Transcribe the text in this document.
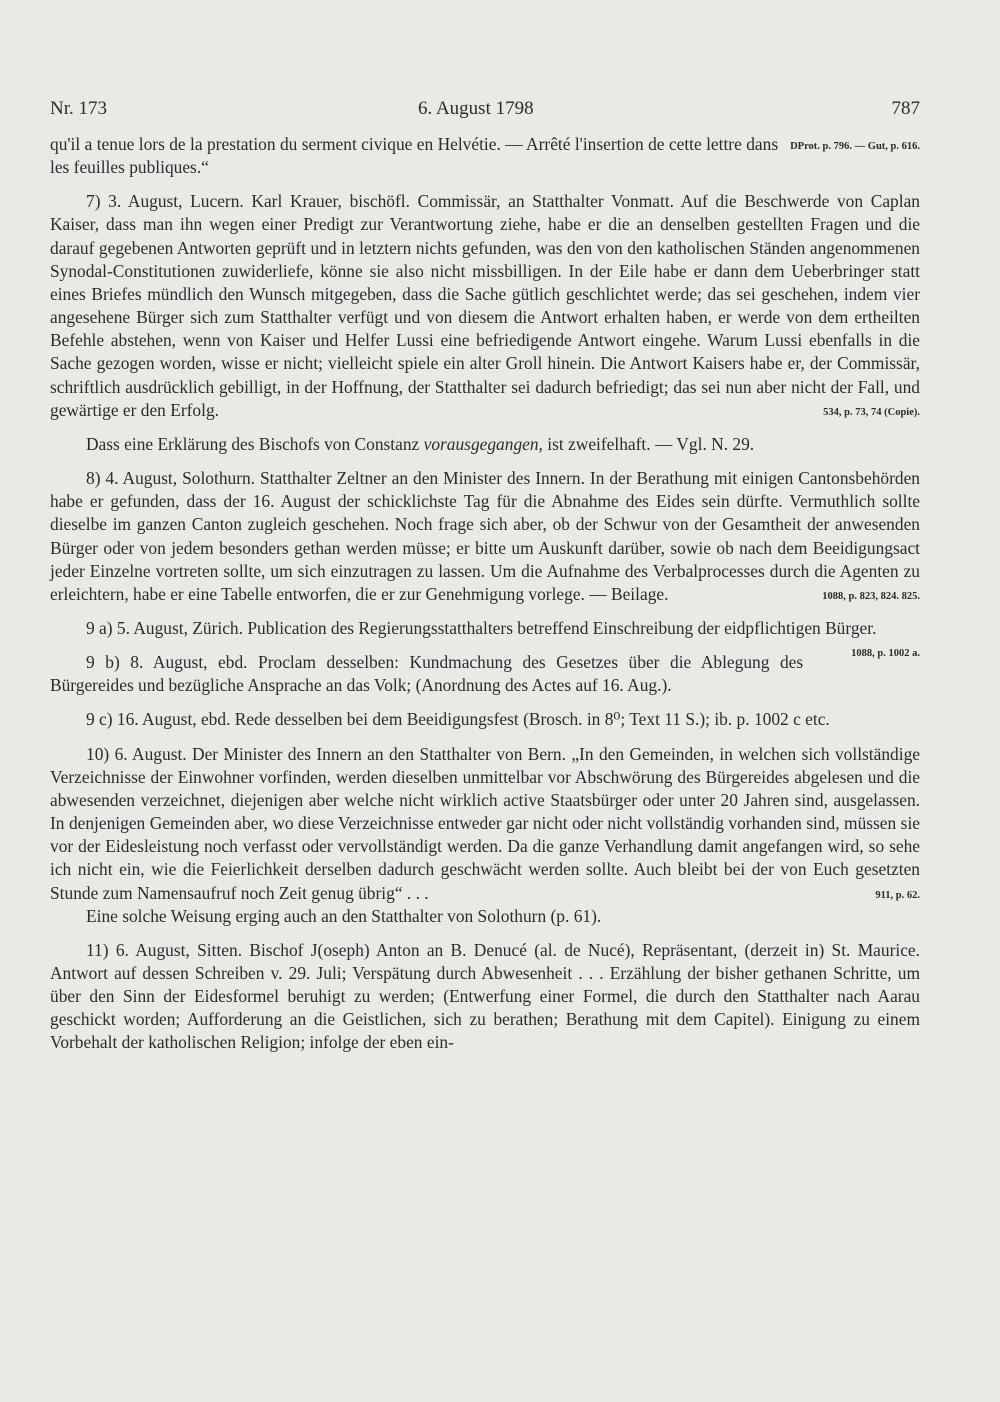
Nr. 173	6. August 1798	787

DProt. p. 796. — Gut, p. 616.
qu'il a tenue lors de la prestation du serment civique en Helvétie. — Arrêté l'insertion de cette lettre dans les feuilles publiques.“

7) 3. August, Lucern. Karl Krauer, bischöfl. Commissär, an Statthalter Vonmatt. Auf die Beschwerde von Caplan Kaiser, dass man ihn wegen einer Predigt zur Verantwortung ziehe, habe er die an denselben gestellten Fragen und die darauf gegebenen Antworten geprüft und in letztern nichts gefunden, was den von den katholischen Ständen angenommenen Synodal-Constitutionen zuwiderliefe, könne sie also nicht missbilligen. In der Eile habe er dann dem Ueberbringer statt eines Briefes mündlich den Wunsch mitgegeben, dass die Sache gütlich geschlichtet werde; das sei geschehen, indem vier angesehene Bürger sich zum Statthalter verfügt und von diesem die Antwort erhalten haben, er werde von dem ertheilten Befehle abstehen, wenn von Kaiser und Helfer Lussi eine befriedigende Antwort eingehe. Warum Lussi ebenfalls in die Sache gezogen worden, wisse er nicht; vielleicht spiele ein alter Groll hinein. Die Antwort Kaisers habe er, der Commissär, schriftlich ausdrücklich gebilligt, in der Hoffnung, der Statthalter sei dadurch befriedigt; das sei nun aber nicht der Fall, und gewärtige er den Erfolg.	534, p. 73, 74 (Copie).

Dass eine Erklärung des Bischofs von Constanz vorausgegangen, ist zweifelhaft. — Vgl. N. 29.

8) 4. August, Solothurn. Statthalter Zeltner an den Minister des Innern. In der Berathung mit einigen Cantonsbehörden habe er gefunden, dass der 16. August der schicklichste Tag für die Abnahme des Eides sein dürfte. Vermuthlich sollte dieselbe im ganzen Canton zugleich geschehen. Noch frage sich aber, ob der Schwur von der Gesamtheit der anwesenden Bürger oder von jedem besonders gethan werden müsse; er bitte um Auskunft darüber, sowie ob nach dem Beeidigungsact jeder Einzelne vortreten sollte, um sich einzutragen zu lassen. Um die Aufnahme des Verbalprocesses durch die Agenten zu erleichtern, habe er eine Tabelle entworfen, die er zur Genehmigung vorlege. — Beilage.	1088, p. 823, 824. 825.

9 a) 5. August, Zürich. Publication des Regierungsstatthalters betreffend Einschreibung der eidpflichtigen Bürger.
1088, p. 1002 a.

9 b) 8. August, ebd. Proclam desselben: Kundmachung des Gesetzes über die Ablegung des Bürgereides und bezügliche Ansprache an das Volk; (Anordnung des Actes auf 16. Aug.).

9 c) 16. August, ebd. Rede desselben bei dem Beeidigungsfest (Brosch. in 8⁰; Text 11 S.); ib. p. 1002 c etc.

10) 6. August. Der Minister des Innern an den Statthalter von Bern. „In den Gemeinden, in welchen sich vollständige Verzeichnisse der Einwohner vorfinden, werden dieselben unmittelbar vor Abschwörung des Bürgereides abgelesen und die abwesenden verzeichnet, diejenigen aber welche nicht wirklich active Staatsbürger oder unter 20 Jahren sind, ausgelassen. In denjenigen Gemeinden aber, wo diese Verzeichnisse entweder gar nicht oder nicht vollständig vorhanden sind, müssen sie vor der Eidesleistung noch verfasst oder vervollständigt werden. Da die ganze Verhandlung damit angefangen wird, so sehe ich nicht ein, wie die Feierlichkeit derselben dadurch geschwächt werden sollte. Auch bleibt bei der von Euch gesetzten Stunde zum Namensaufruf noch Zeit genug übrig“ . . .	911, p. 62.

Eine solche Weisung erging auch an den Statthalter von Solothurn (p. 61).

11) 6. August, Sitten. Bischof J(oseph) Anton an B. Denucé (al. de Nucé), Repräsentant, (derzeit in) St. Maurice. Antwort auf dessen Schreiben v. 29. Juli; Verspätung durch Abwesenheit . . . Erzählung der bisher gethanen Schritte, um über den Sinn der Eidesformel beruhigt zu werden; (Entwerfung einer Formel, die durch den Statthalter nach Aarau geschickt worden; Aufforderung an die Geistlichen, sich zu berathen; Berathung mit dem Capitel). Einigung zu einem Vorbehalt der katholischen Religion; infolge der eben ein-
